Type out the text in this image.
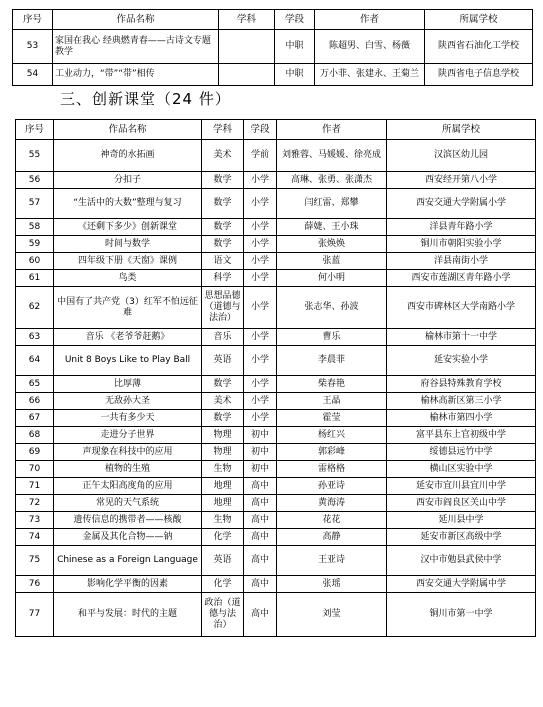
序号	作品名称	学科	学段	作者	所属学校
53	家国在我心 经典燃青春——古诗文专题教学		中职	陈超男、白雪、杨薇	陕西省石油化工学校
54	工业动力，“带”“带”相传		中职	万小菲、张建永、王菊兰	陕西省电子信息学校
三、创新课堂（24 件）
序号	作品名称	学科	学段	作者	所属学校
55	神奇的水拓画	美术	学前	刘雅蓉、马媛媛、徐亮成	汉滨区幼儿园
56	分扣子	数学	小学	高琳、张勇、张潇杰	西安经开第八小学
57	“生活中的大数”整理与复习	数学	小学	闫红雷、郑攀	西安交通大学附属小学
58	《还剩下多少》创新课堂	数学	小学	薛婕、王小珠	洋县青年路小学
59	时间与数学	数学	小学	张焕焕	铜川市朝阳实验小学
60	四年级下册《天窗》课例	语文	小学	张蓝	洋县南街小学
61	鸟类	科学	小学	何小明	西安市莲湖区青年路小学
62	中国有了共产党（3）红军不怕远征难	思想品德（道德与法治）	小学	张志华、孙波	西安市碑林区大学南路小学
63	音乐 《老爷爷赶鹅》	音乐	小学	曹乐	榆林市第十一中学
64	Unit 8 Boys Like to Play Ball	英语	小学	李晨菲	延安实验小学
65	比厚薄	数学	小学	柴春艳	府谷县特殊教育学校
66	无敌孙大圣	美术	小学	王晶	榆林高新区第三小学
67	一共有多少天	数学	小学	霍莹	榆林市第四小学
68	走进分子世界	物理	初中	杨红兴	富平县东上官初级中学
69	声现象在科技中的应用	物理	初中	郭彩峰	绥德县远竹中学
70	植物的生殖	生物	初中	雷格格	横山区实验中学
71	正午太阳高度角的应用	地理	高中	孙亚诗	延安市宜川县宜川中学
72	常见的天气系统	地理	高中	黄海涛	西安市阎良区关山中学
73	遗传信息的携带者——核酸	生物	高中	花花	延川县中学
74	金属及其化合物——钠	化学	高中	高静	延安市新区高级中学
75	Chinese as a Foreign Language	英语	高中	王亚诗	汉中市勉县武侯中学
76	影响化学平衡的因素	化学	高中	张瑶	西安交通大学附属中学
77	和平与发展：时代的主题	政治（道德与法治）	高中	刘莹	铜川市第一中学
